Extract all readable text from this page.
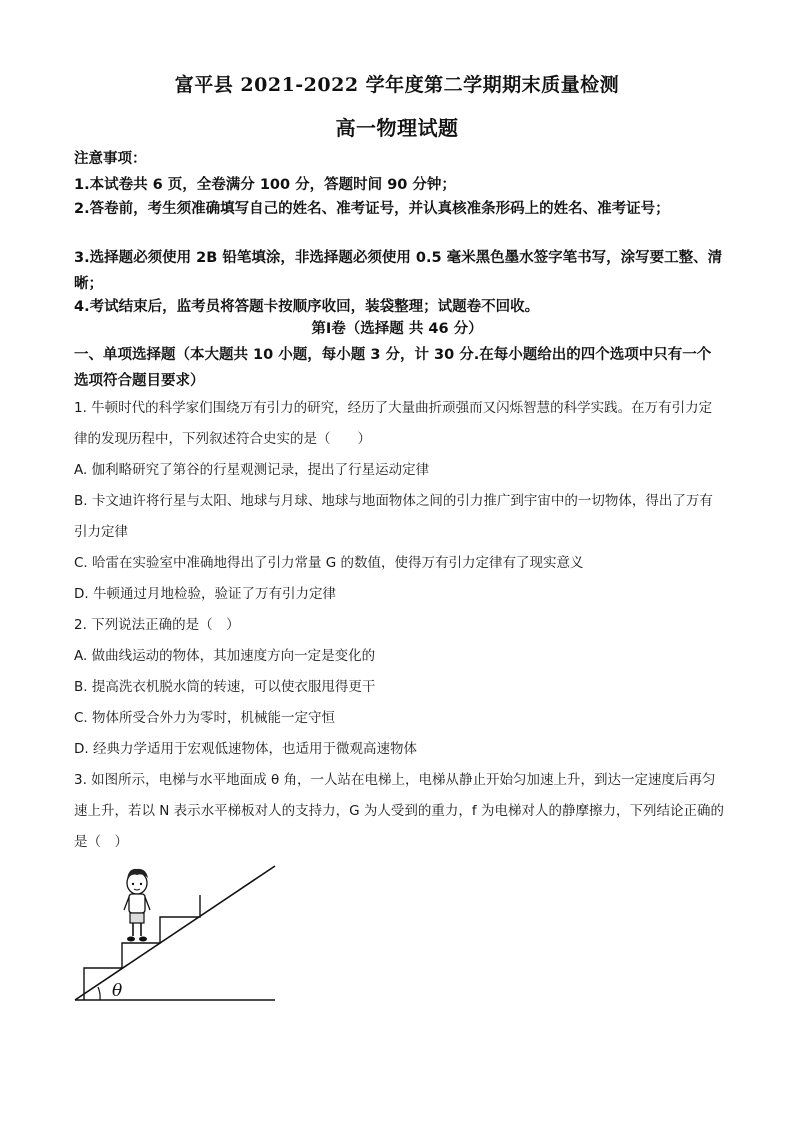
富平县 2021-2022 学年度第二学期期末质量检测
高一物理试题
注意事项：
1.本试卷共 6 页，全卷满分 100 分，答题时间 90 分钟；
2.答卷前，考生须准确填写自己的姓名、准考证号，并认真核准条形码上的姓名、准考证号；
3.选择题必须使用 2B 铅笔填涂，非选择题必须使用 0.5 毫米黑色墨水签字笔书写，涂写要工整、清晰；
4.考试结束后，监考员将答题卡按顺序收回，装袋整理；试题卷不回收。
第Ⅰ卷（选择题 共 46 分）
一、单项选择题（本大题共 10 小题，每小题 3 分，计 30 分.在每小题给出的四个选项中只有一个选项符合题目要求）
1. 牛顿时代的科学家们围绕万有引力的研究，经历了大量曲折顽强而又闪烁智慧的科学实践。在万有引力定律的发现历程中，下列叙述符合史实的是（　　）
A. 伽利略研究了第谷的行星观测记录，提出了行星运动定律
B. 卡文迪许将行星与太阳、地球与月球、地球与地面物体之间的引力推广到宇宙中的一切物体，得出了万有引力定律
C. 哈雷在实验室中准确地得出了引力常量 G 的数值，使得万有引力定律有了现实意义
D. 牛顿通过月地检验，验证了万有引力定律
2. 下列说法正确的是（　）
A. 做曲线运动的物体，其加速度方向一定是变化的
B. 提高洗衣机脱水筒的转速，可以使衣服甩得更干
C. 物体所受合外力为零时，机械能一定守恒
D. 经典力学适用于宏观低速物体，也适用于微观高速物体
3. 如图所示，电梯与水平地面成 θ 角，一人站在电梯上，电梯从静止开始匀加速上升，到达一定速度后再匀速上升，若以 N 表示水平梯板对人的支持力，G 为人受到的重力，f 为电梯对人的静摩擦力，下列结论正确的是（　）
θ
